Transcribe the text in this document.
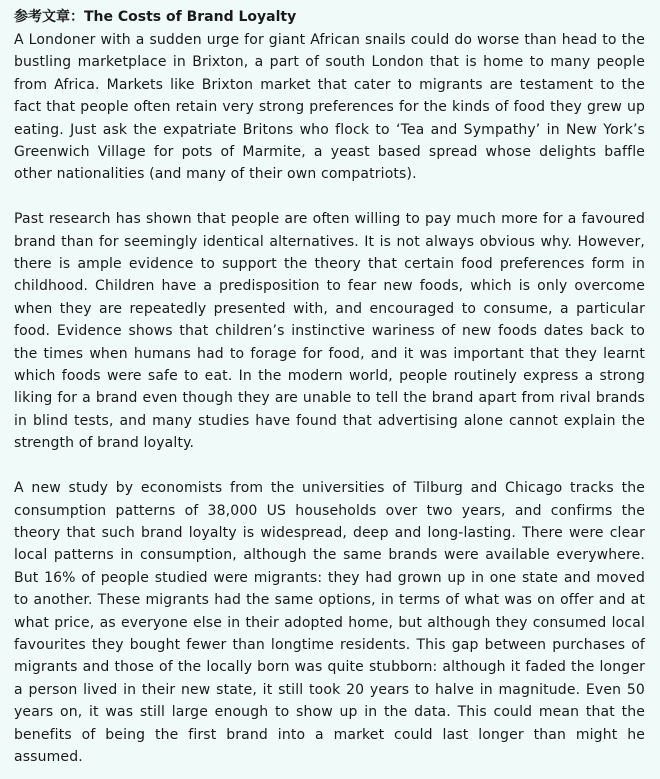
参考文章：The Costs of Brand Loyalty

A Londoner with a sudden urge for giant African snails could do worse than head to the bustling marketplace in Brixton, a part of south London that is home to many people from Africa. Markets like Brixton market that cater to migrants are testament to the fact that people often retain very strong preferences for the kinds of food they grew up eating. Just ask the expatriate Britons who flock to ‘Tea and Sympathy’ in New York’s Greenwich Village for pots of Marmite, a yeast based spread whose delights baffle other nationalities (and many of their own compatriots).

Past research has shown that people are often willing to pay much more for a favoured brand than for seemingly identical alternatives. It is not always obvious why. However, there is ample evidence to support the theory that certain food preferences form in childhood. Children have a predisposition to fear new foods, which is only overcome when they are repeatedly presented with, and encouraged to consume, a particular food. Evidence shows that children’s instinctive wariness of new foods dates back to the times when humans had to forage for food, and it was important that they learnt which foods were safe to eat. In the modern world, people routinely express a strong liking for a brand even though they are unable to tell the brand apart from rival brands in blind tests, and many studies have found that advertising alone cannot explain the strength of brand loyalty.

A new study by economists from the universities of Tilburg and Chicago tracks the consumption patterns of 38,000 US households over two years, and confirms the theory that such brand loyalty is widespread, deep and long-lasting. There were clear local patterns in consumption, although the same brands were available everywhere. But 16% of people studied were migrants: they had grown up in one state and moved to another. These migrants had the same options, in terms of what was on offer and at what price, as everyone else in their adopted home, but although they consumed local favourites they bought fewer than longtime residents. This gap between purchases of migrants and those of the locally born was quite stubborn: although it faded the longer a person lived in their new state, it still took 20 years to halve in magnitude. Even 50 years on, it was still large enough to show up in the data. This could mean that the benefits of being the first brand into a market could last longer than might he assumed.
